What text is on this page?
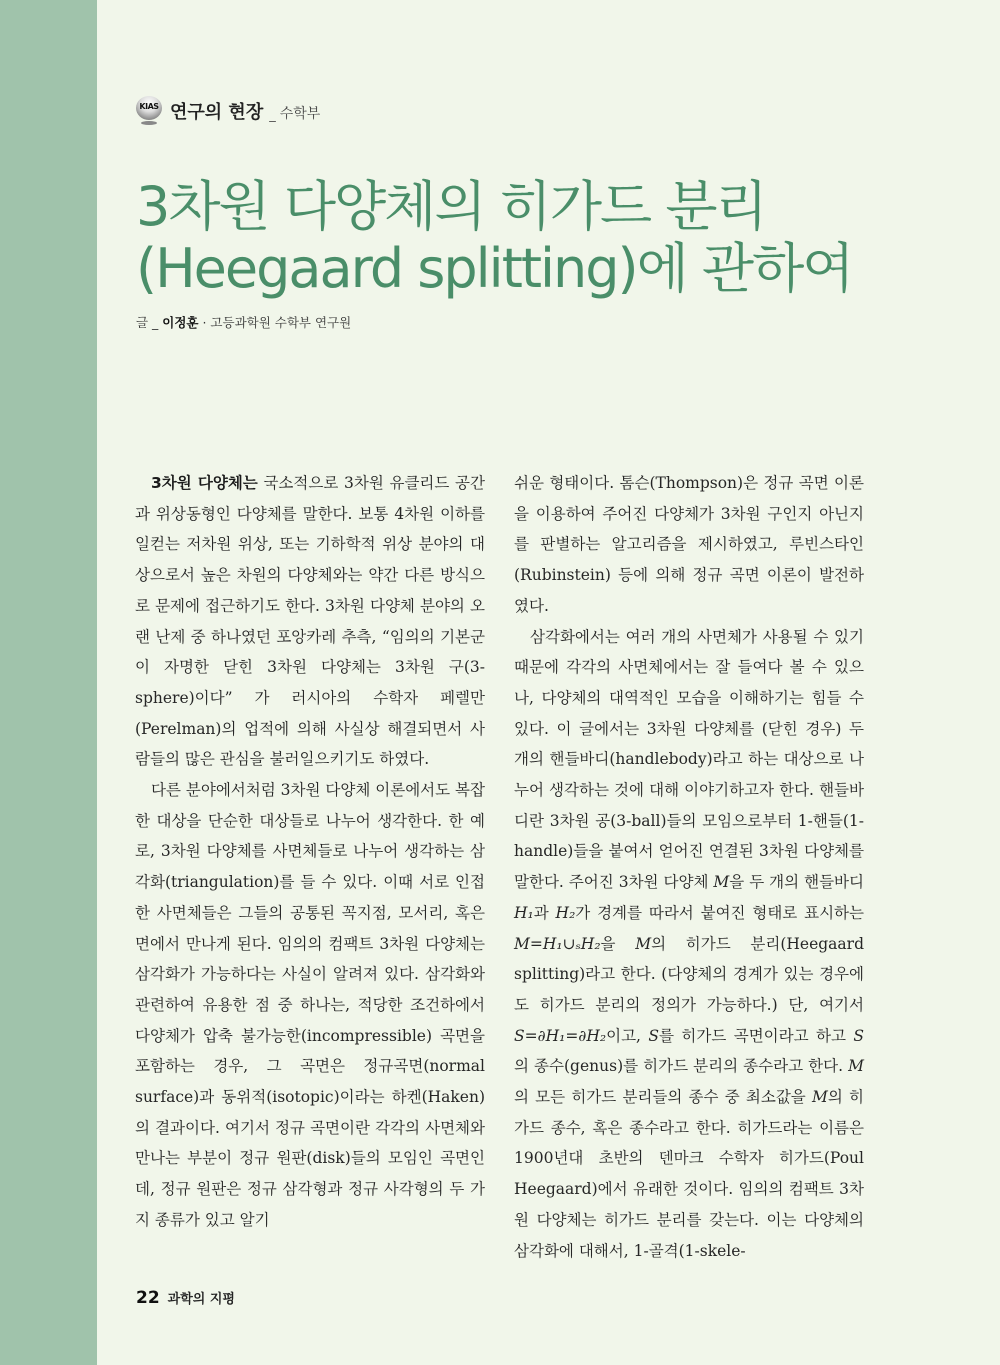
KIAS 연구의 현장 _ 수학부
3차원 다양체의 히가드 분리
(Heegaard splitting)에 관하여
글 _ 이정훈 · 고등과학원 수학부 연구원

3차원 다양체는 국소적으로 3차원 유클리드 공간과 위상동형인 다양체를 말한다. 보통 4차원 이하를 일컫는 저차원 위상, 또는 기하학적 위상 분야의 대상으로서 높은 차원의 다양체와는 약간 다른 방식으로 문제에 접근하기도 한다. 3차원 다양체 분야의 오랜 난제 중 하나였던 포앙카레 추측, “임의의 기본군이 자명한 닫힌 3차원 다양체는 3차원 구(3-sphere)이다” 가 러시아의 수학자 페렐만(Perelman)의 업적에 의해 사실상 해결되면서 사람들의 많은 관심을 불러일으키기도 하였다.

다른 분야에서처럼 3차원 다양체 이론에서도 복잡한 대상을 단순한 대상들로 나누어 생각한다. 한 예로, 3차원 다양체를 사면체들로 나누어 생각하는 삼각화(triangulation)를 들 수 있다. 이때 서로 인접한 사면체들은 그들의 공통된 꼭지점, 모서리, 혹은 면에서 만나게 된다. 임의의 컴팩트 3차원 다양체는 삼각화가 가능하다는 사실이 알려져 있다. 삼각화와 관련하여 유용한 점 중 하나는, 적당한 조건하에서 다양체가 압축 불가능한(incompressible) 곡면을 포함하는 경우, 그 곡면은 정규곡면(normal surface)과 동위적(isotopic)이라는 하켄(Haken)의 결과이다. 여기서 정규 곡면이란 각각의 사면체와 만나는 부분이 정규 원판(disk)들의 모임인 곡면인데, 정규 원판은 정규 삼각형과 정규 사각형의 두 가지 종류가 있고 알기

쉬운 형태이다. 톰슨(Thompson)은 정규 곡면 이론을 이용하여 주어진 다양체가 3차원 구인지 아닌지를 판별하는 알고리즘을 제시하였고, 루빈스타인(Rubinstein) 등에 의해 정규 곡면 이론이 발전하였다.

삼각화에서는 여러 개의 사면체가 사용될 수 있기 때문에 각각의 사면체에서는 잘 들여다 볼 수 있으나, 다양체의 대역적인 모습을 이해하기는 힘들 수 있다. 이 글에서는 3차원 다양체를 (닫힌 경우) 두 개의 핸들바디(handlebody)라고 하는 대상으로 나누어 생각하는 것에 대해 이야기하고자 한다. 핸들바디란 3차원 공(3-ball)들의 모임으로부터 1-핸들(1-handle)들을 붙여서 얻어진 연결된 3차원 다양체를 말한다. 주어진 3차원 다양체 M을 두 개의 핸들바디 H₁과 H₂가 경계를 따라서 붙여진 형태로 표시하는 M=H₁∪ₛH₂을 M의 히가드 분리(Heegaard splitting)라고 한다. (다양체의 경계가 있는 경우에도 히가드 분리의 정의가 가능하다.) 단, 여기서 S=∂H₁=∂H₂이고, S를 히가드 곡면이라고 하고 S의 종수(genus)를 히가드 분리의 종수라고 한다. M의 모든 히가드 분리들의 종수 중 최소값을 M의 히가드 종수, 혹은 종수라고 한다. 히가드라는 이름은 1900년대 초반의 덴마크 수학자 히가드(Poul Heegaard)에서 유래한 것이다. 임의의 컴팩트 3차원 다양체는 히가드 분리를 갖는다. 이는 다양체의 삼각화에 대해서, 1-골격(1-skele-

22 과학의 지평
